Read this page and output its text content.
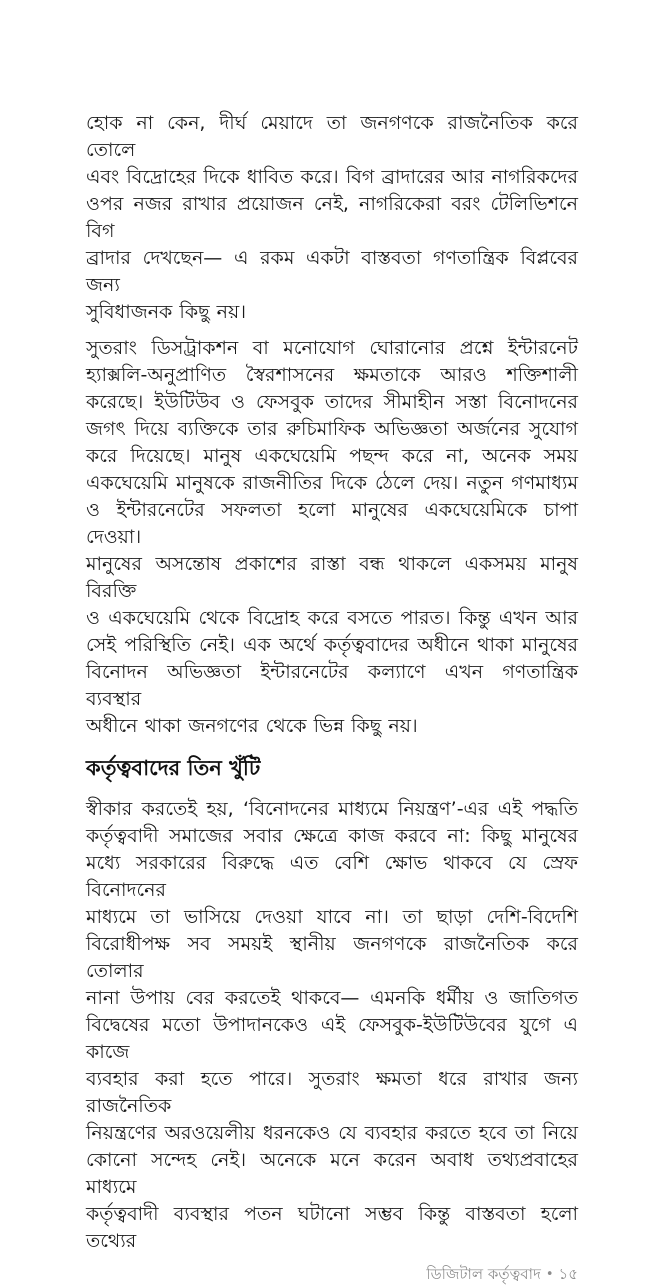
হোক না কেন, দীর্ঘ মেয়াদে তা জনগণকে রাজনৈতিক করে তোলে
এবং বিদ্রোহের দিকে ধাবিত করে। বিগ ব্রাদারের আর নাগরিকদের
ওপর নজর রাখার প্রয়োজন নেই, নাগরিকেরা বরং টেলিভিশনে বিগ
ব্রাদার দেখছেন— এ রকম একটা বাস্তবতা গণতান্ত্রিক বিপ্লবের জন্য
সুবিধাজনক কিছু নয়।

সুতরাং ডিসট্রাকশন বা মনোযোগ ঘোরানোর প্রশ্নে ইন্টারনেট
হ্যাক্সলি-অনুপ্রাণিত স্বৈরশাসনের ক্ষমতাকে আরও শক্তিশালী
করেছে। ইউটিউব ও ফেসবুক তাদের সীমাহীন সস্তা বিনোদনের
জগৎ দিয়ে ব্যক্তিকে তার রুচিমাফিক অভিজ্ঞতা অর্জনের সুযোগ
করে দিয়েছে। মানুষ একঘেয়েমি পছন্দ করে না, অনেক সময়
একঘেয়েমি মানুষকে রাজনীতির দিকে ঠেলে দেয়। নতুন গণমাধ্যম
ও ইন্টারনেটের সফলতা হলো মানুষের একঘেয়েমিকে চাপা দেওয়া।
মানুষের অসন্তোষ প্রকাশের রাস্তা বন্ধ থাকলে একসময় মানুষ বিরক্তি
ও একঘেয়েমি থেকে বিদ্রোহ করে বসতে পারত। কিন্তু এখন আর
সেই পরিস্থিতি নেই। এক অর্থে কর্তৃত্ববাদের অধীনে থাকা মানুষের
বিনোদন অভিজ্ঞতা ইন্টারনেটের কল্যাণে এখন গণতান্ত্রিক ব্যবস্থার
অধীনে থাকা জনগণের থেকে ভিন্ন কিছু নয়।

কর্তৃত্ববাদের তিন খুঁটি

স্বীকার করতেই হয়, ‘বিনোদনের মাধ্যমে নিয়ন্ত্রণ’-এর এই পদ্ধতি
কর্তৃত্ববাদী সমাজের সবার ক্ষেত্রে কাজ করবে না: কিছু মানুষের
মধ্যে সরকারের বিরুদ্ধে এত বেশি ক্ষোভ থাকবে যে স্রেফ বিনোদনের
মাধ্যমে তা ভাসিয়ে দেওয়া যাবে না। তা ছাড়া দেশি-বিদেশি
বিরোধীপক্ষ সব সময়ই স্থানীয় জনগণকে রাজনৈতিক করে তোলার
নানা উপায় বের করতেই থাকবে— এমনকি ধর্মীয় ও জাতিগত
বিদ্বেষের মতো উপাদানকেও এই ফেসবুক-ইউটিউবের যুগে এ কাজে
ব্যবহার করা হতে পারে। সুতরাং ক্ষমতা ধরে রাখার জন্য রাজনৈতিক
নিয়ন্ত্রণের অরওয়েলীয় ধরনকেও যে ব্যবহার করতে হবে তা নিয়ে
কোনো সন্দেহ নেই। অনেকে মনে করেন অবাধ তথ্যপ্রবাহের মাধ্যমে
কর্তৃত্ববাদী ব্যবস্থার পতন ঘটানো সম্ভব কিন্তু বাস্তবতা হলো তথ্যের

ডিজিটাল কর্তৃত্ববাদ • ১৫
